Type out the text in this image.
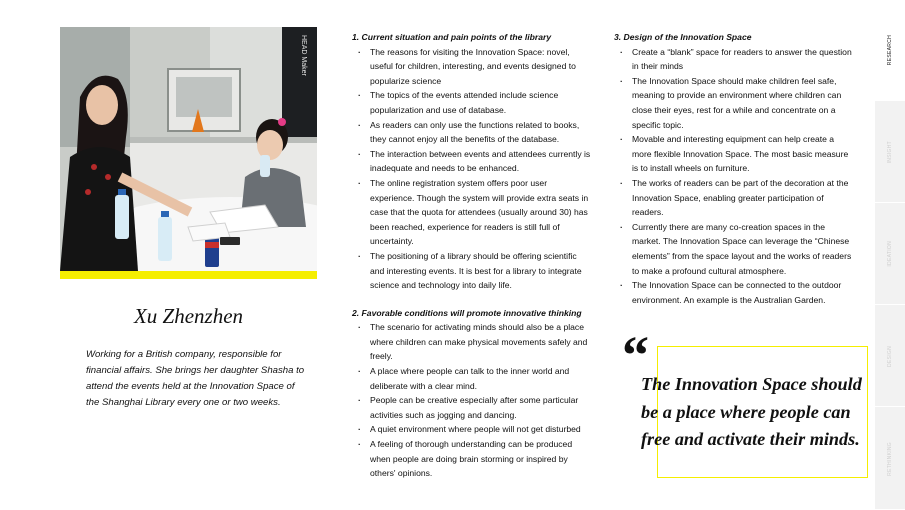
HEAD Maker
Xu Zhenzhen
Working for a British company, responsible for financial affairs. She brings her daughter Shasha to attend the events held at the Innovation Space of the Shanghai Library every one or two weeks.
1. Current situation and pain points of the library
· The reasons for visiting the Innovation Space: novel, useful for children, interesting, and events designed to popularize science
· The topics of the events attended include science popularization and use of database.
· As readers can only use the functions related to books, they cannot enjoy all the benefits of the database.
· The interaction between events and attendees currently is inadequate and needs to be enhanced.
· The online registration system offers poor user experience. Though the system will provide extra seats in case that the quota for attendees (usually around 30) has been reached, experience for readers is still full of uncertainty.
· The positioning of a library should be offering scientific and interesting events. It is best for a library to integrate science and technology into daily life.
2. Favorable conditions will promote innovative thinking
· The scenario for activating minds should also be a place where children can make physical movements safely and freely.
· A place where people can talk to the inner world and deliberate with a clear mind.
· People can be creative especially after some particular activities such as jogging and dancing.
· A quiet environment where people will not get disturbed
· A feeling of thorough understanding can be produced when people are doing brain storming or inspired by others' opinions.
3. Design of the Innovation Space
· Create a “blank” space for readers to answer the question in their minds
· The Innovation Space should make children feel safe, meaning to provide an environment where children can close their eyes, rest for a while and concentrate on a specific topic.
· Movable and interesting equipment can help create a more flexible Innovation Space. The most basic measure is to install wheels on furniture.
· The works of readers can be part of the decoration at the Innovation Space, enabling greater participation of readers.
· Currently there are many co-creation spaces in the market. The Innovation Space can leverage the “Chinese elements” from the space layout and the works of readers to make a profound cultural atmosphere.
· The Innovation Space can be connected to the outdoor environment. An example is the Australian Garden.
“
The Innovation Space should be a place where people can free and activate their minds.
RESEARCH
INSIGHT
IDEATION
DESIGN
RETHINKING
